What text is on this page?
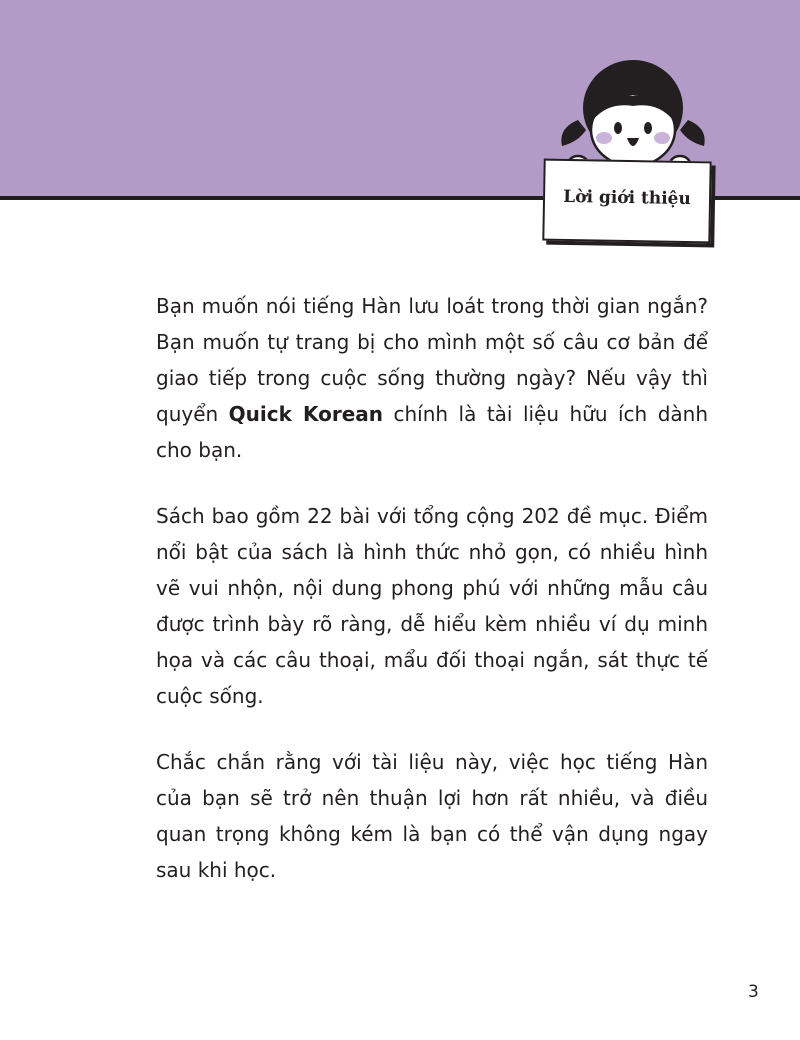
Lời giới thiệu

Bạn muốn nói tiếng Hàn lưu loát trong thời gian ngắn? Bạn muốn tự trang bị cho mình một số câu cơ bản để giao tiếp trong cuộc sống thường ngày? Nếu vậy thì quyển Quick Korean chính là tài liệu hữu ích dành cho bạn.

Sách bao gồm 22 bài với tổng cộng 202 đề mục. Điểm nổi bật của sách là hình thức nhỏ gọn, có nhiều hình vẽ vui nhộn, nội dung phong phú với những mẫu câu được trình bày rõ ràng, dễ hiểu kèm nhiều ví dụ minh họa và các câu thoại, mẩu đối thoại ngắn, sát thực tế cuộc sống.

Chắc chắn rằng với tài liệu này, việc học tiếng Hàn của bạn sẽ trở nên thuận lợi hơn rất nhiều, và điều quan trọng không kém là bạn có thể vận dụng ngay sau khi học.

3
